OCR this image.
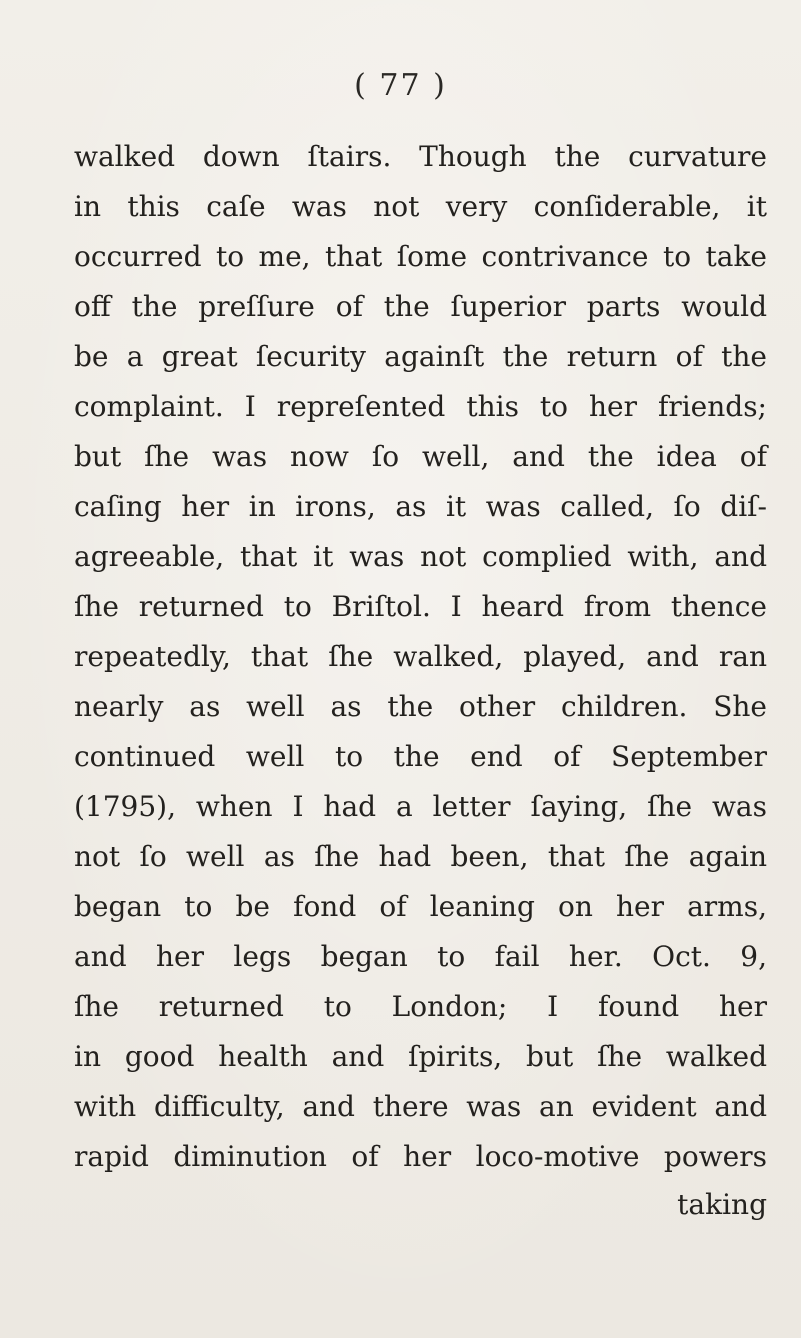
( 77 )
walked down ſtairs. Though the curvature
in this caſe was not very conſiderable, it
occurred to me, that ſome contrivance to take
off the preſſure of the ſuperior parts would
be a great ſecurity againſt the return of the
complaint. I repreſented this to her friends;
but ſhe was now ſo well, and the idea of
caſing her in irons, as it was called, ſo diſ-
agreeable, that it was not complied with, and
ſhe returned to Briſtol. I heard from thence
repeatedly, that ſhe walked, played, and ran
nearly as well as the other children. She
continued well to the end of September
(1795), when I had a letter ſaying, ſhe was
not ſo well as ſhe had been, that ſhe again
began to be fond of leaning on her arms,
and her legs began to fail her. Oct. 9,
ſhe returned to London; I found her
in good health and ſpirits, but ſhe walked
with difficulty, and there was an evident and
rapid diminution of her loco-motive powers
taking
